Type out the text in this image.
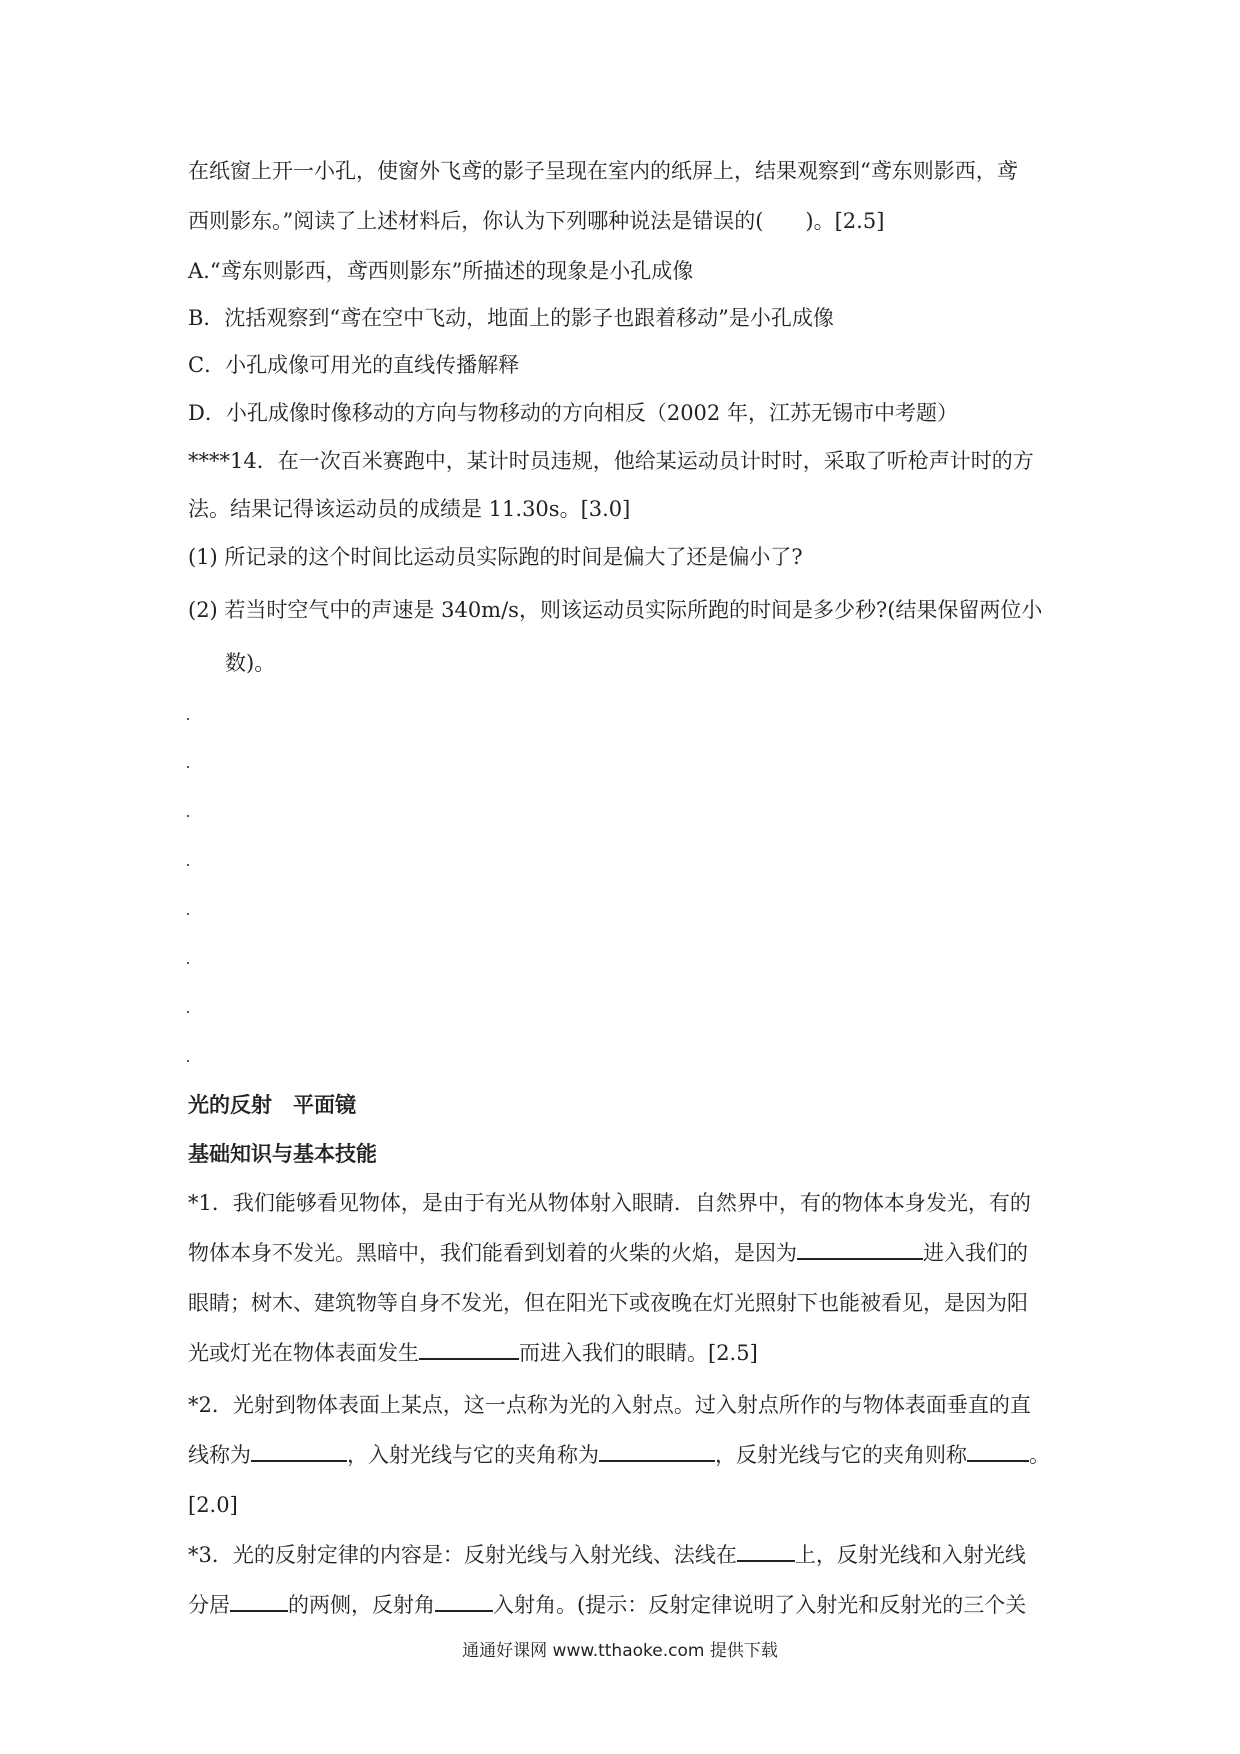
在纸窗上开一小孔，使窗外飞鸢的影子呈现在室内的纸屏上，结果观察到“鸢东则影西，鸢
西则影东。”阅读了上述材料后，你认为下列哪种说法是错误的(　　)。[2.5]
A.“鸢东则影西，鸢西则影东”所描述的现象是小孔成像
B．沈括观察到“鸢在空中飞动，地面上的影子也跟着移动”是小孔成像
C．小孔成像可用光的直线传播解释
D．小孔成像时像移动的方向与物移动的方向相反（2002 年，江苏无锡市中考题）
****14．在一次百米赛跑中，某计时员违规，他给某运动员计时时，采取了听枪声计时的方
法。结果记得该运动员的成绩是 11.30s。[3.0]
(1) 所记录的这个时间比运动员实际跑的时间是偏大了还是偏小了?
(2) 若当时空气中的声速是 340m/s，则该运动员实际所跑的时间是多少秒?(结果保留两位小
数)。
光的反射　平面镜
基础知识与基本技能
*1．我们能够看见物体，是由于有光从物体射入眼睛．自然界中，有的物体本身发光，有的
物体本身不发光。黑暗中，我们能看到划着的火柴的火焰，是因为	进入我们的
眼睛；树木、建筑物等自身不发光，但在阳光下或夜晚在灯光照射下也能被看见，是因为阳
光或灯光在物体表面发生	而进入我们的眼睛。[2.5]
*2．光射到物体表面上某点，这一点称为光的入射点。过入射点所作的与物体表面垂直的直
线称为	，入射光线与它的夹角称为	，反射光线与它的夹角则称	。
[2.0]
*3．光的反射定律的内容是：反射光线与入射光线、法线在	上，反射光线和入射光线
分居	的两侧，反射角	入射角。(提示：反射定律说明了入射光和反射光的三个关
通通好课网 www.tthaoke.com 提供下载
